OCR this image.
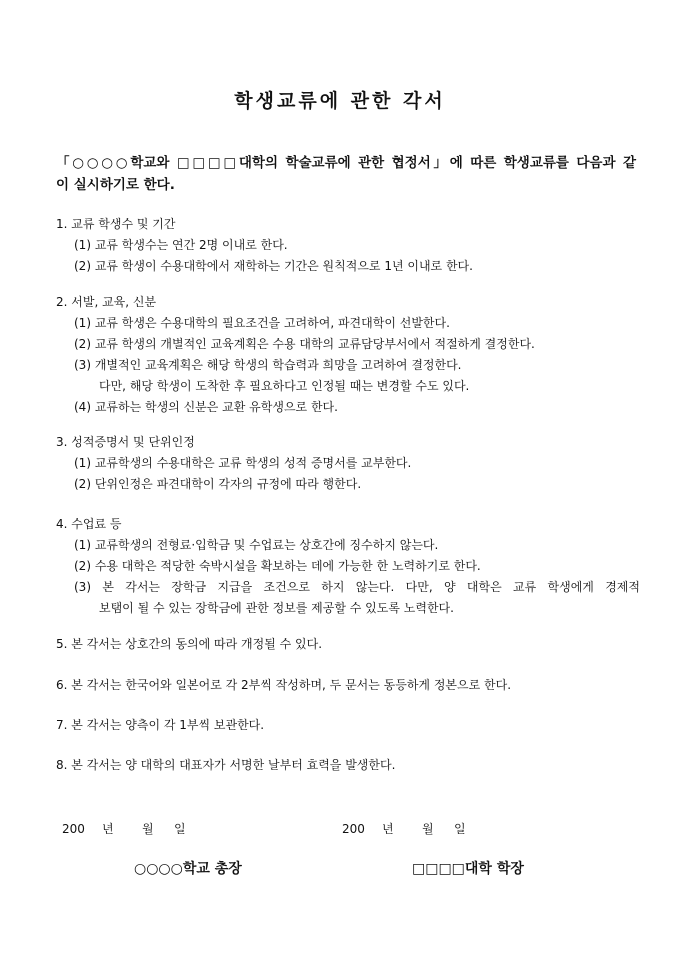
학생교류에 관한 각서
「○○○○학교와 □□□□대학의 학술교류에 관한 협정서」에 따른 학생교류를 다음과 같
이 실시하기로 한다.
1. 교류 학생수 및 기간
(1) 교류 학생수는 연간 2명 이내로 한다.
(2) 교류 학생이 수용대학에서 재학하는 기간은 원칙적으로 1년 이내로 한다.
2. 서발, 교육, 신분
(1) 교류 학생은 수용대학의 필요조건을 고려하여, 파견대학이 선발한다.
(2) 교류 학생의 개별적인 교육계획은 수용 대학의 교류담당부서에서 적절하게 결정한다.
(3) 개별적인 교육계획은 해당 학생의 학습력과 희망을 고려하여 결정한다.
다만, 해당 학생이 도착한 후 필요하다고 인정될 때는 변경할 수도 있다.
(4) 교류하는 학생의 신분은 교환 유학생으로 한다.
3. 성적증명서 및 단위인정
(1) 교류학생의 수용대학은 교류 학생의 성적 증명서를 교부한다.
(2) 단위인정은 파견대학이 각자의 규정에 따라 행한다.
4. 수업료 등
(1) 교류학생의 전형료·입학금 및 수업료는 상호간에 징수하지 않는다.
(2) 수용 대학은 적당한 숙박시설을 확보하는 데에 가능한 한 노력하기로 한다.
(3) 본 각서는 장학금 지급을 조건으로 하지 않는다. 다만, 양 대학은 교류 학생에게 경제적
보탬이 될 수 있는 장학금에 관한 정보를 제공할 수 있도록 노력한다.
5. 본 각서는 상호간의 동의에 따라 개정될 수 있다.
6. 본 각서는 한국어와 일본어로 각 2부씩 작성하며, 두 문서는 동등하게 정본으로 한다.
7. 본 각서는 양측이 각 1부씩 보관한다.
8. 본 각서는 양 대학의 대표자가 서명한 날부터 효력을 발생한다.
200 년 월 일	200 년 월 일
○○○○학교 총장	□□□□대학 학장
